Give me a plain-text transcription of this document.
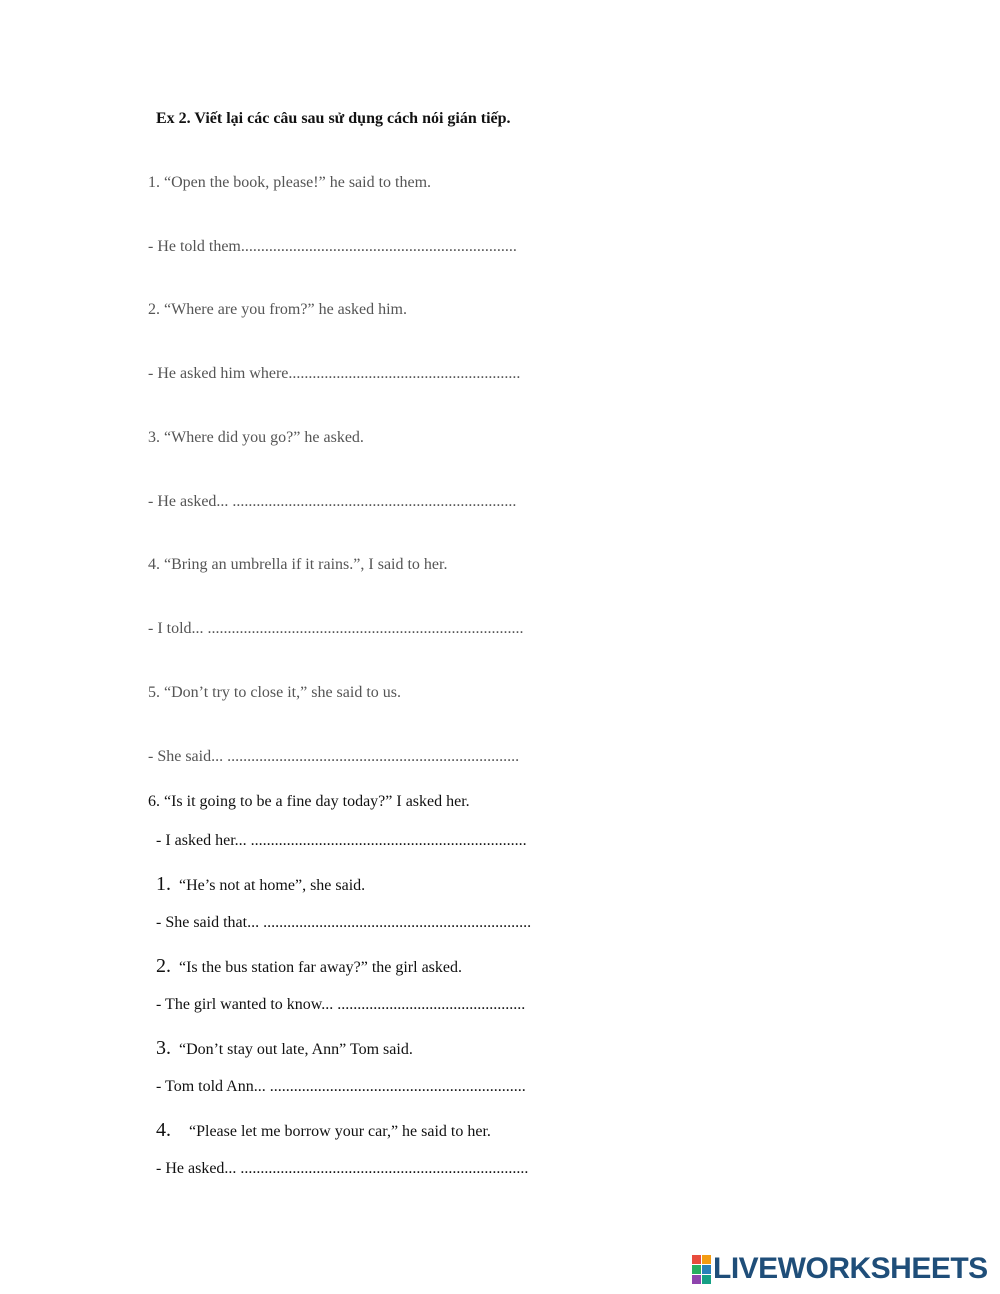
Ex 2. Viết lại các câu sau sử dụng cách nói gián tiếp.
1. “Open the book, please!” he said to them.
- He told them.....................................................................
2. “Where are you from?” he asked him.
- He asked him where..........................................................
3. “Where did you go?” he asked.
- He asked... .......................................................................
4. “Bring an umbrella if it rains.”, I said to her.
- I told... ...............................................................................
5. “Don’t try to close it,” she said to us.
- She said... .........................................................................
6. “Is it going to be a fine day today?” I asked her.
- I asked her... .....................................................................
1. “He’s not at home”, she said.
- She said that... ...................................................................
2. “Is the bus station far away?” the girl asked.
- The girl wanted to know... ...............................................
3. “Don’t stay out late, Ann” Tom said.
- Tom told Ann... ................................................................
4. “Please let me borrow your car,” he said to her.
- He asked... ........................................................................
LIVEWORKSHEETS
